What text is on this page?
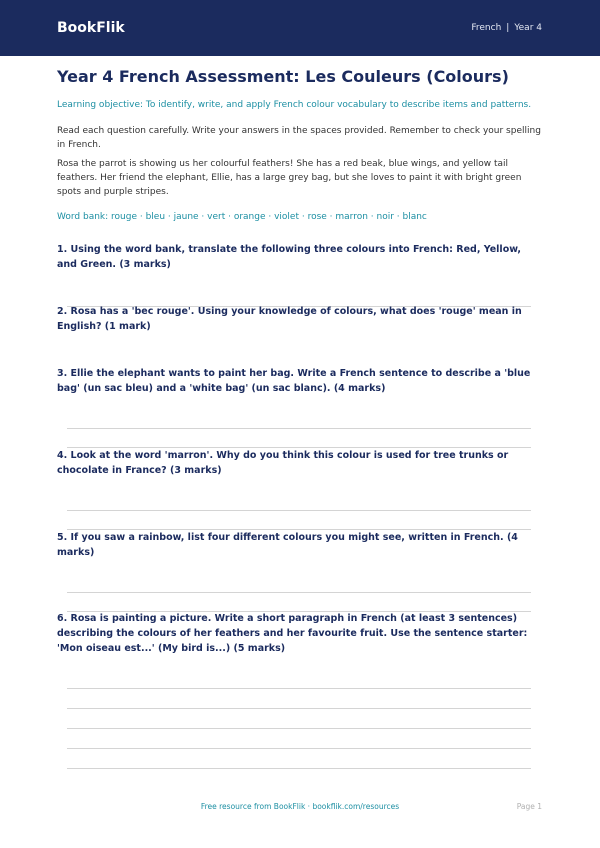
BookFlik	French | Year 4
Year 4 French Assessment: Les Couleurs (Colours)
Learning objective: To identify, write, and apply French colour vocabulary to describe items and patterns.
Read each question carefully. Write your answers in the spaces provided. Remember to check your spelling in French.
Rosa the parrot is showing us her colourful feathers! She has a red beak, blue wings, and yellow tail feathers. Her friend the elephant, Ellie, has a large grey bag, but she loves to paint it with bright green spots and purple stripes.
Word bank: rouge · bleu · jaune · vert · orange · violet · rose · marron · noir · blanc
1. Using the word bank, translate the following three colours into French: Red, Yellow, and Green. (3 marks)
2. Rosa has a 'bec rouge'. Using your knowledge of colours, what does 'rouge' mean in English? (1 mark)
3. Ellie the elephant wants to paint her bag. Write a French sentence to describe a 'blue bag' (un sac bleu) and a 'white bag' (un sac blanc). (4 marks)
4. Look at the word 'marron'. Why do you think this colour is used for tree trunks or chocolate in France? (3 marks)
5. If you saw a rainbow, list four different colours you might see, written in French. (4 marks)
6. Rosa is painting a picture. Write a short paragraph in French (at least 3 sentences) describing the colours of her feathers and her favourite fruit. Use the sentence starter: 'Mon oiseau est...' (My bird is...) (5 marks)
Free resource from BookFlik · bookflik.com/resources	Page 1
